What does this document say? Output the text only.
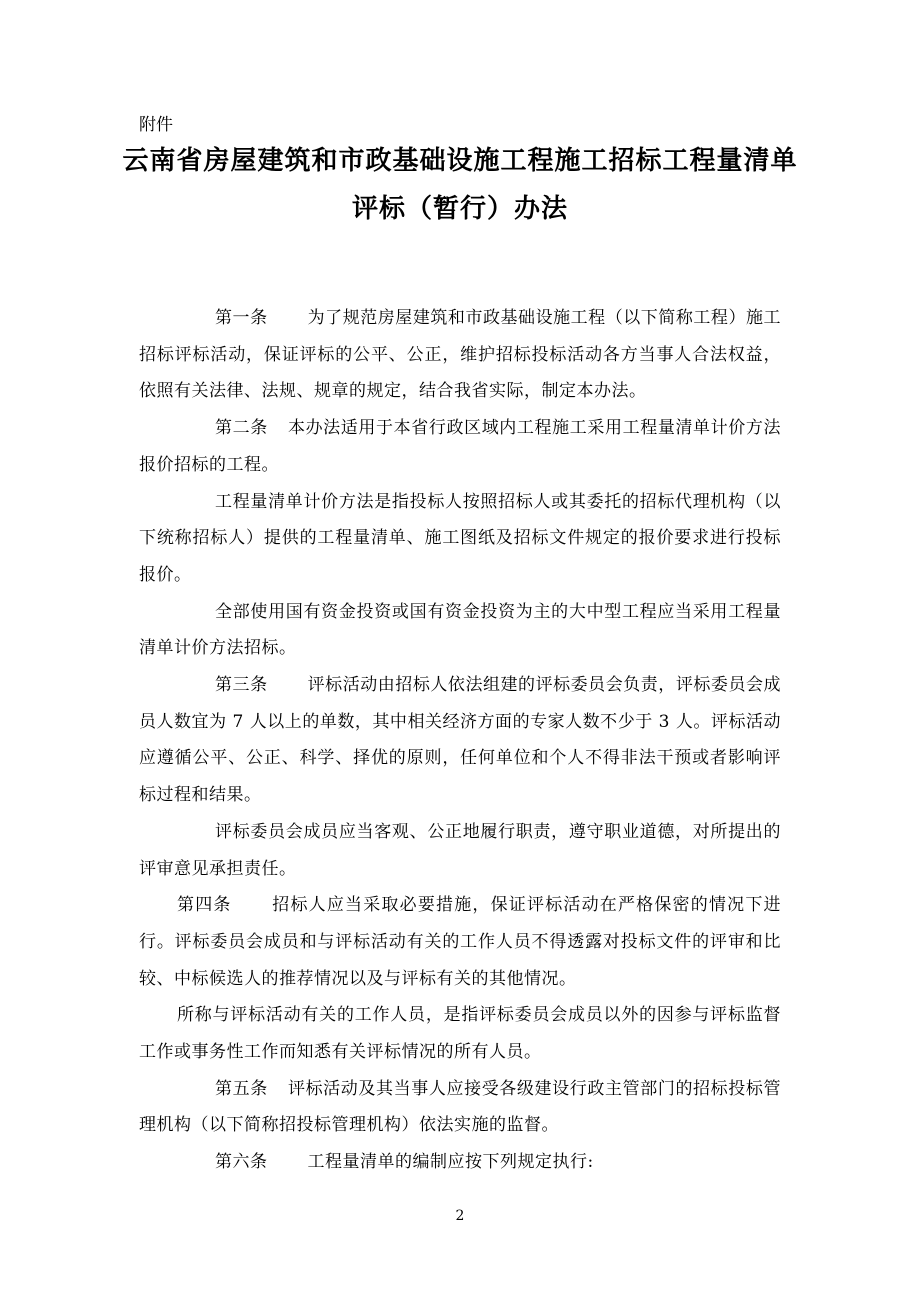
附件
云南省房屋建筑和市政基础设施工程施工招标工程量清单
评标（暂行）办法

第一条 为了规范房屋建筑和市政基础设施工程（以下简称工程）施工招标评标活动，保证评标的公平、公正，维护招标投标活动各方当事人合法权益，依照有关法律、法规、规章的规定，结合我省实际，制定本办法。

第二条 本办法适用于本省行政区域内工程施工采用工程量清单计价方法报价招标的工程。

工程量清单计价方法是指投标人按照招标人或其委托的招标代理机构（以下统称招标人）提供的工程量清单、施工图纸及招标文件规定的报价要求进行投标报价。

全部使用国有资金投资或国有资金投资为主的大中型工程应当采用工程量清单计价方法招标。

第三条 评标活动由招标人依法组建的评标委员会负责，评标委员会成员人数宜为 7 人以上的单数，其中相关经济方面的专家人数不少于 3 人。评标活动应遵循公平、公正、科学、择优的原则，任何单位和个人不得非法干预或者影响评标过程和结果。

评标委员会成员应当客观、公正地履行职责，遵守职业道德，对所提出的评审意见承担责任。

第四条 招标人应当采取必要措施，保证评标活动在严格保密的情况下进行。评标委员会成员和与评标活动有关的工作人员不得透露对投标文件的评审和比较、中标候选人的推荐情况以及与评标有关的其他情况。

所称与评标活动有关的工作人员，是指评标委员会成员以外的因参与评标监督工作或事务性工作而知悉有关评标情况的所有人员。

第五条 评标活动及其当事人应接受各级建设行政主管部门的招标投标管理机构（以下简称招投标管理机构）依法实施的监督。

第六条 工程量清单的编制应按下列规定执行:

2
